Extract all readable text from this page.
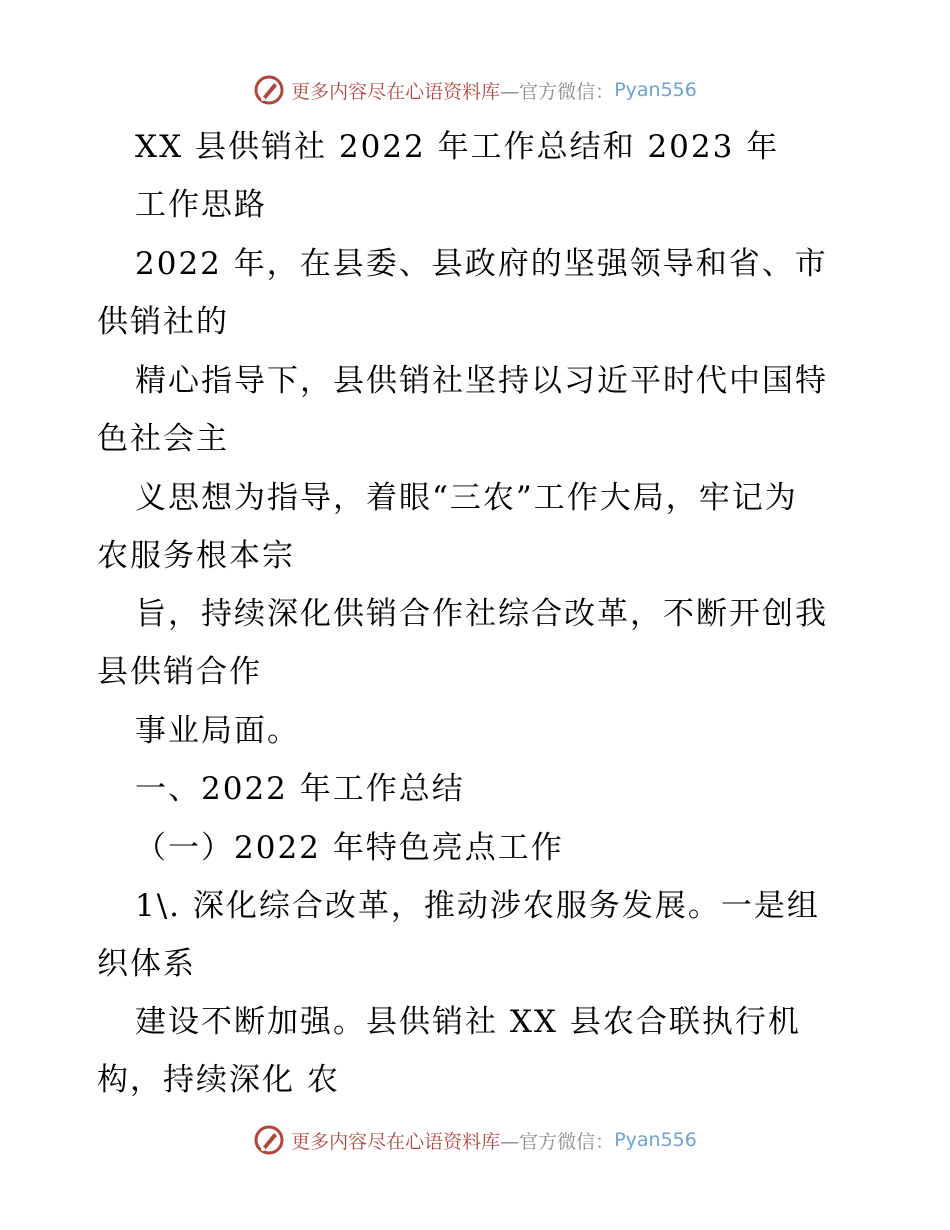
更多内容尽在心语资料库 —官方微信： Pyan556
XX 县供销社 2022 年工作总结和 2023 年
工作思路
2022 年，在县委、县政府的坚强领导和省、市
供销社的
精心指导下，县供销社坚持以习近平时代中国特
色社会主
义思想为指导，着眼“三农”工作大局，牢记为
农服务根本宗
旨，持续深化供销合作社综合改革，不断开创我
县供销合作
事业局面。
一、2022 年工作总结
（一）2022 年特色亮点工作
1\. 深化综合改革，推动涉农服务发展。一是组
织体系
建设不断加强。县供销社 XX 县农合联执行机
构，持续深化 农
更多内容尽在心语资料库 —官方微信： Pyan556
